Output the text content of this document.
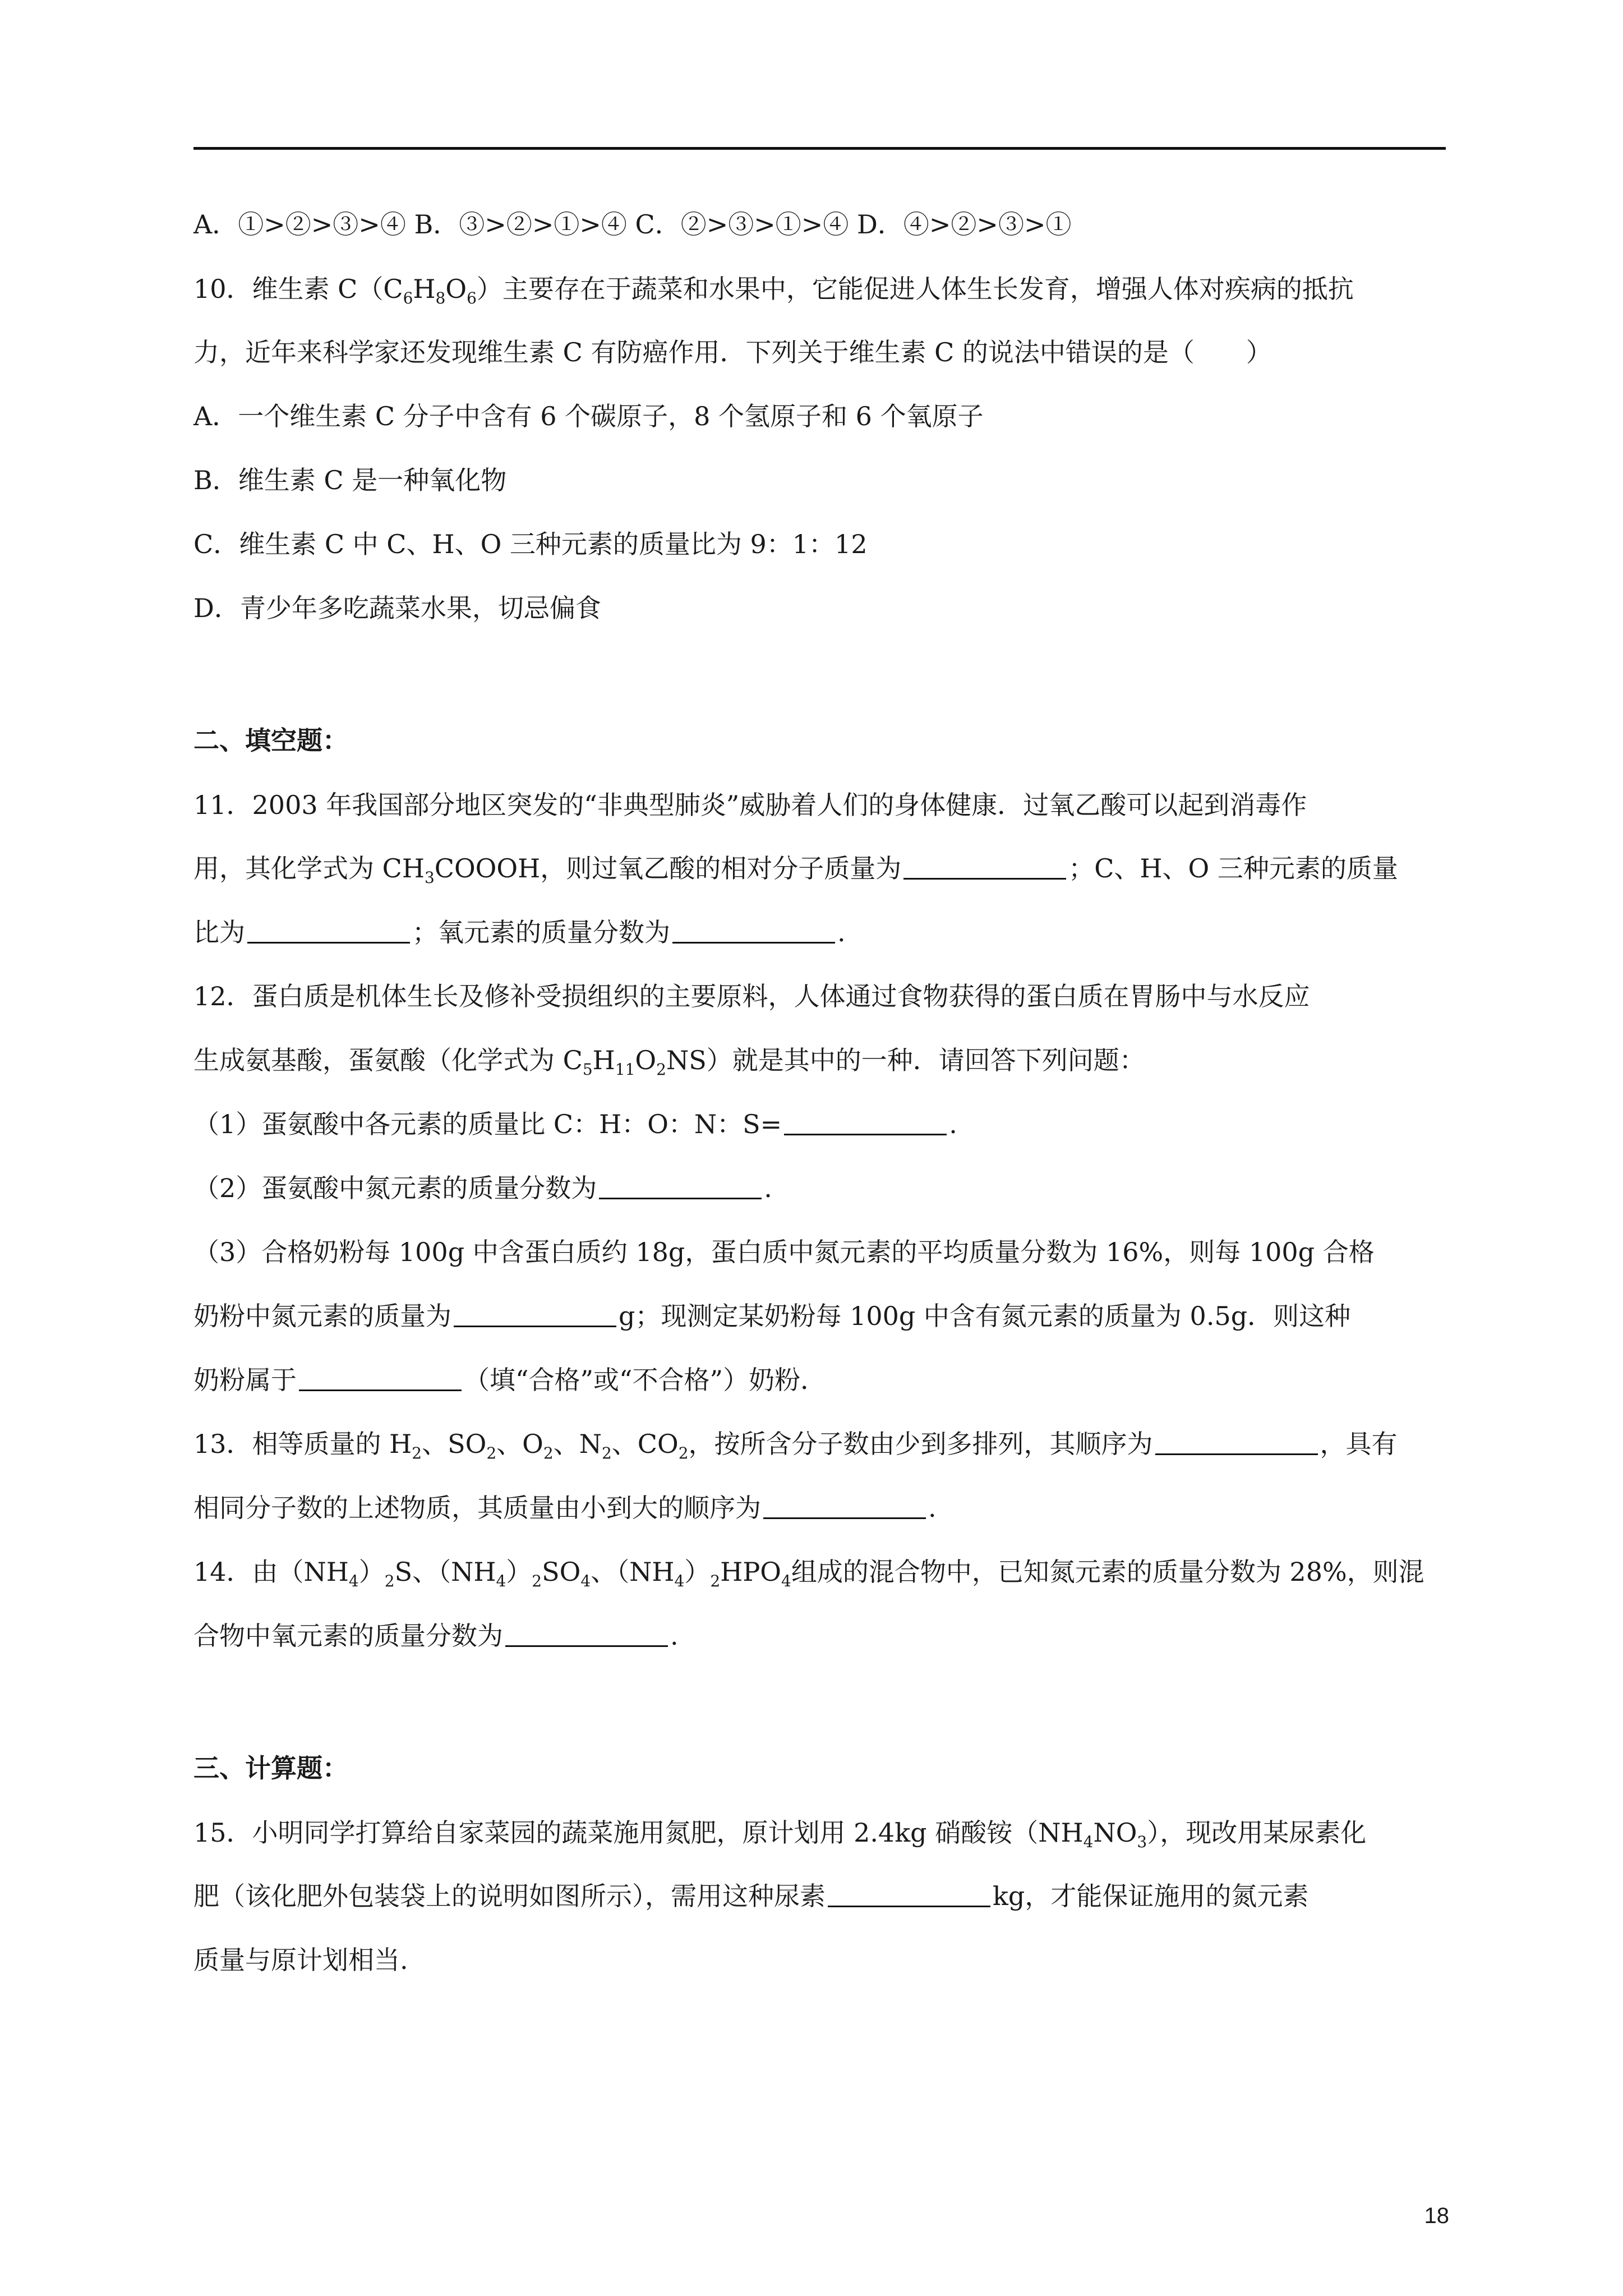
A．①>②>③>④ B．③>②>①>④ C．②>③>①>④ D．④>②>③>①
10．维生素 $C(C_6H_8O_6)$主要存在于蔬菜和水果中，它能促进人体生长发育，增强人体对疾病的抵抗
力，近年来科学家还发现维生素 C 有防癌作用．下列关于维生素 C 的说法中错误的是（　　）
A．一个维生素 C 分子中含有 6 个碳原子，8 个氢原子和 6 个氧原子
B．维生素 C 是一种氧化物
C．维生素 C 中 C、H、O 三种元素的质量比为 9：1：12
D．青少年多吃蔬菜水果，切忌偏食
二、填空题：
11．2003 年我国部分地区突发的“非典型肺炎”威胁着人们的身体健康．过氧乙酸可以起到消毒作
用，其化学式为 $CH_3COOOH$，则过氧乙酸的相对分子质量为	；C、H、O 三种元素的质量
比为	；氧元素的质量分数为	.
12．蛋白质是机体生长及修补受损组织的主要原料，人体通过食物获得的蛋白质在胃肠中与水反应
生成氨基酸，蛋氨酸（化学式为 $C_5H_{11}O_2NS$）就是其中的一种．请回答下列问题：
（1）蛋氨酸中各元素的质量比 C：H：O：N：S=	.
（2）蛋氨酸中氮元素的质量分数为	.
（3）合格奶粉每 100g 中含蛋白质约 18g，蛋白质中氮元素的平均质量分数为 16%，则每 100g 合格
奶粉中氮元素的质量为	g；现测定某奶粉每 100g 中含有氮元素的质量为 0.5g．则这种
奶粉属于	（填“合格”或“不合格”）奶粉．
13．相等质量的 $H_2$、$SO_2$、$O_2$、$N_2$、$CO_2$，按所含分子数由少到多排列，其顺序为	，具有
相同分子数的上述物质，其质量由小到大的顺序为	.
14．由$(NH_4)_2S$、$(NH_4)_2SO_4$、$(NH_4)_2HPO_4$组成的混合物中，已知氮元素的质量分数为 28%，则混
合物中氧元素的质量分数为	.
三、计算题：
15．小明同学打算给自家菜园的蔬菜施用氮肥，原计划用 2.4kg 硝酸铵$(NH_4NO_3)$，现改用某尿素化
肥（该化肥外包装袋上的说明如图所示），需用这种尿素	kg，才能保证施用的氮元素
质量与原计划相当.
18
